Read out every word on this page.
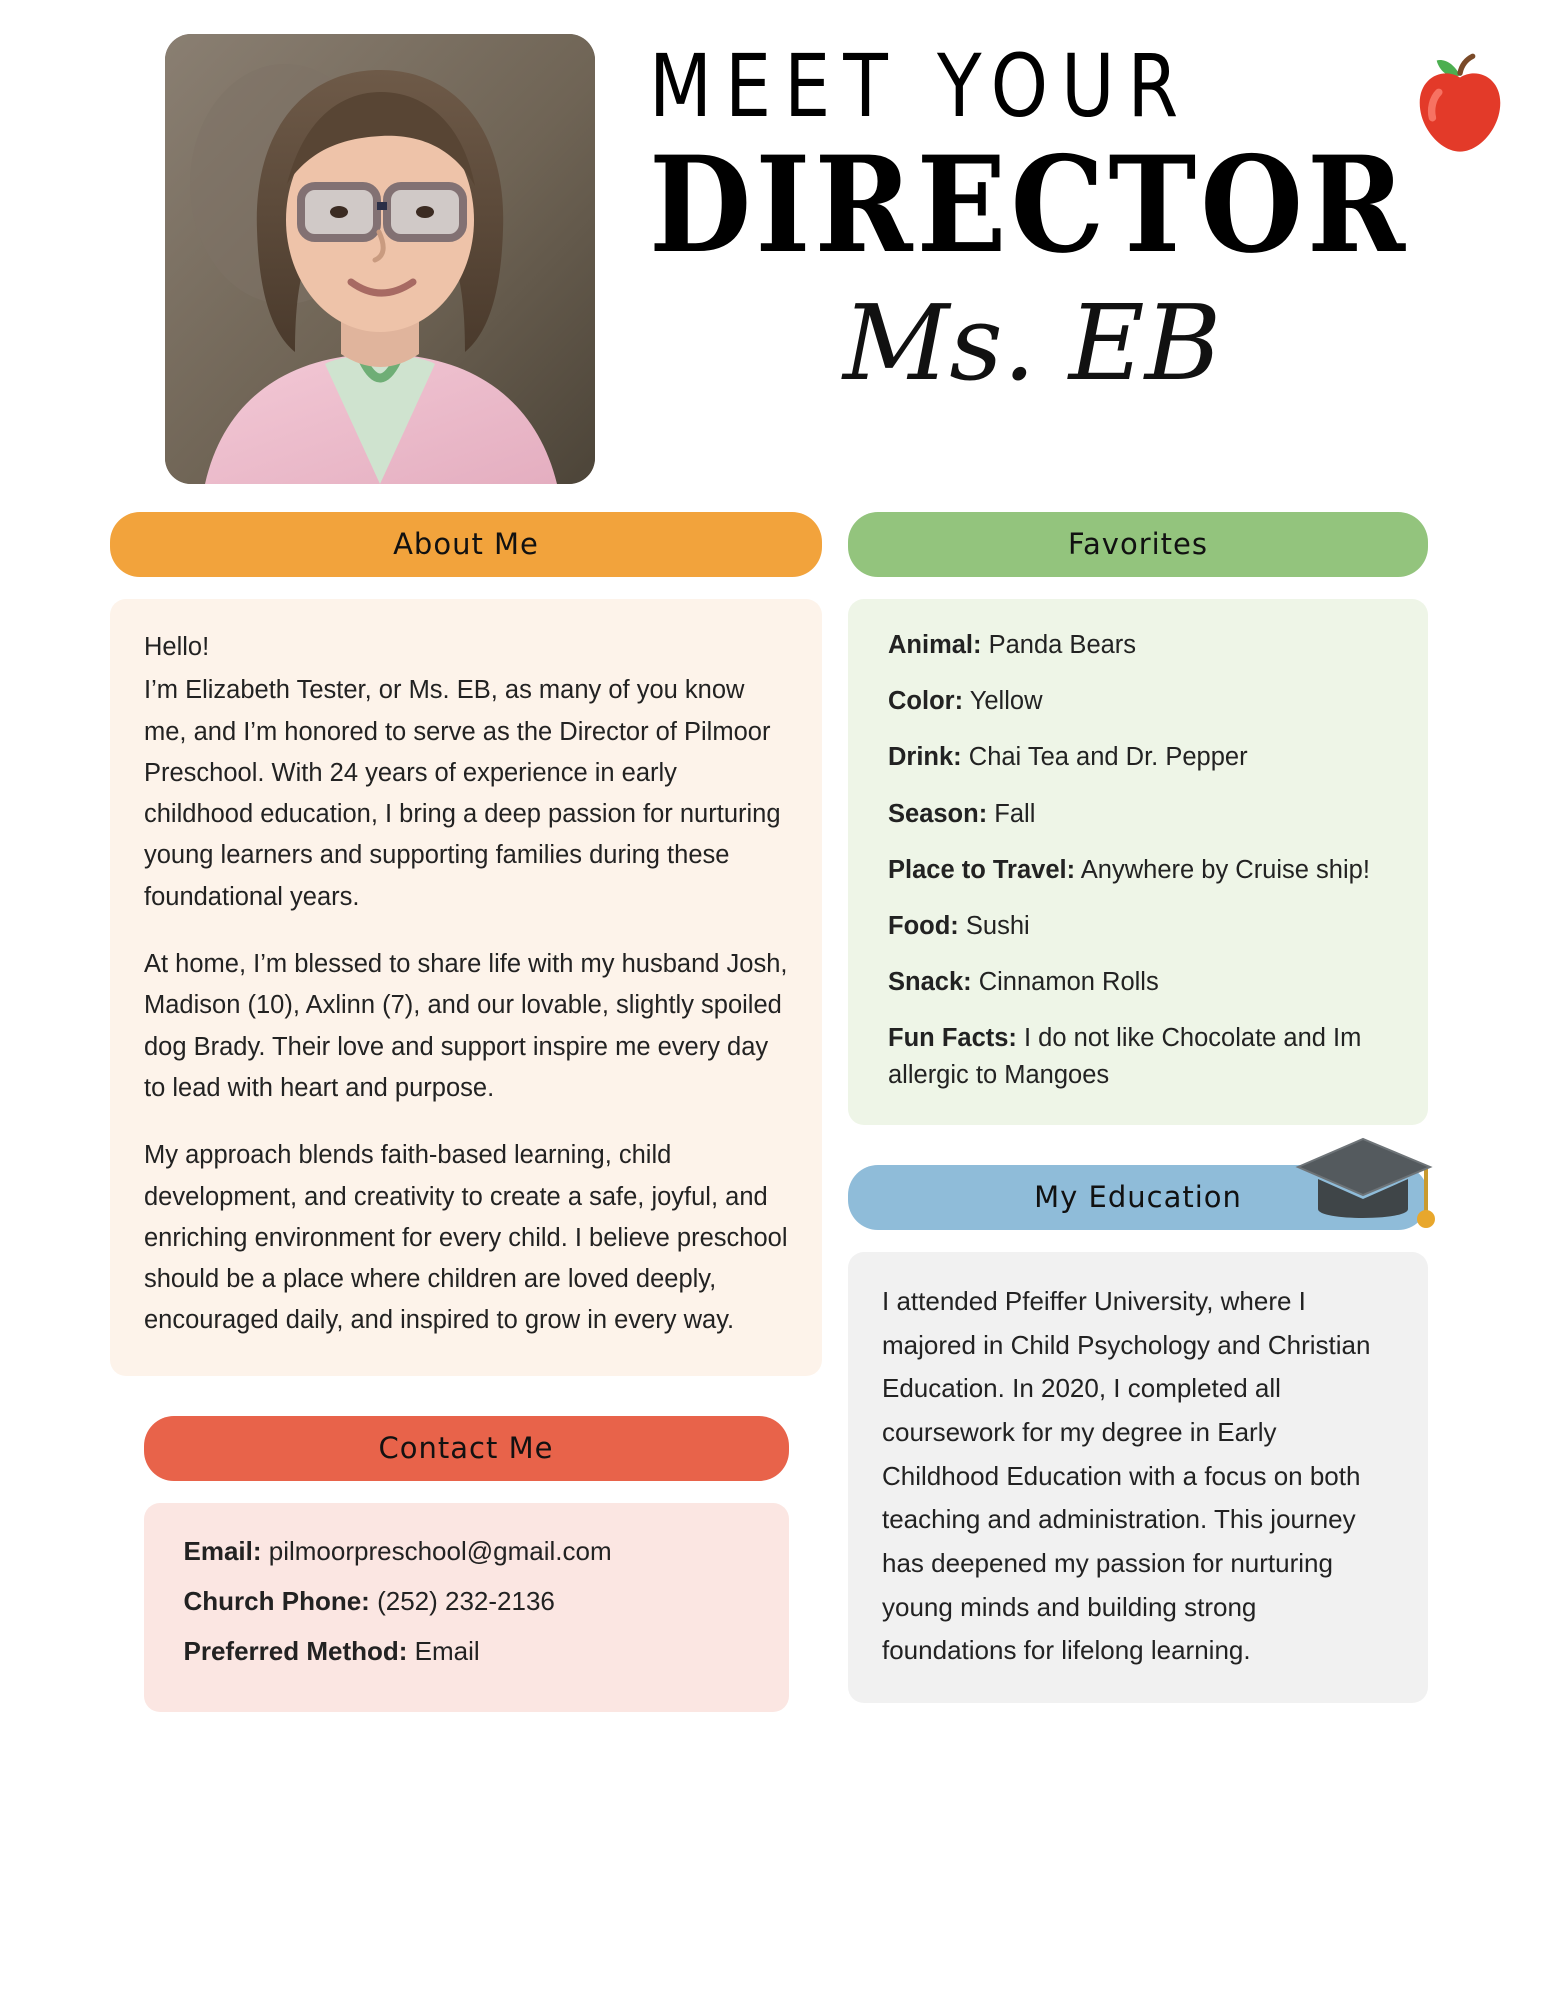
MEET YOUR
DIRECTOR
Ms. EB
About Me

Hello!

I’m Elizabeth Tester, or Ms. EB, as many of you know me, and I’m honored to serve as the Director of Pilmoor Preschool. With 24 years of experience in early childhood education, I bring a deep passion for nurturing young learners and supporting families during these foundational years.

At home, I’m blessed to share life with my husband Josh, Madison (10), Axlinn (7), and our lovable, slightly spoiled dog Brady. Their love and support inspire me every day to lead with heart and purpose.

My approach blends faith-based learning, child development, and creativity to create a safe, joyful, and enriching environment for every child. I believe preschool should be a place where children are loved deeply, encouraged daily, and inspired to grow in every way.

Contact Me
Email: pilmoorpreschool@gmail.com
Church Phone: (252) 232-2136
Preferred Method: Email
Favorites
Animal: Panda Bears
Color: Yellow
Drink: Chai Tea and Dr. Pepper
Season: Fall
Place to Travel: Anywhere by Cruise ship!
Food: Sushi
Snack: Cinnamon Rolls
Fun Facts: I do not like Chocolate and Im allergic to Mangoes
My Education

I attended Pfeiffer University, where I majored in Child Psychology and Christian Education. In 2020, I completed all coursework for my degree in Early Childhood Education with a focus on both teaching and administration. This journey has deepened my passion for nurturing young minds and building strong foundations for lifelong learning.
